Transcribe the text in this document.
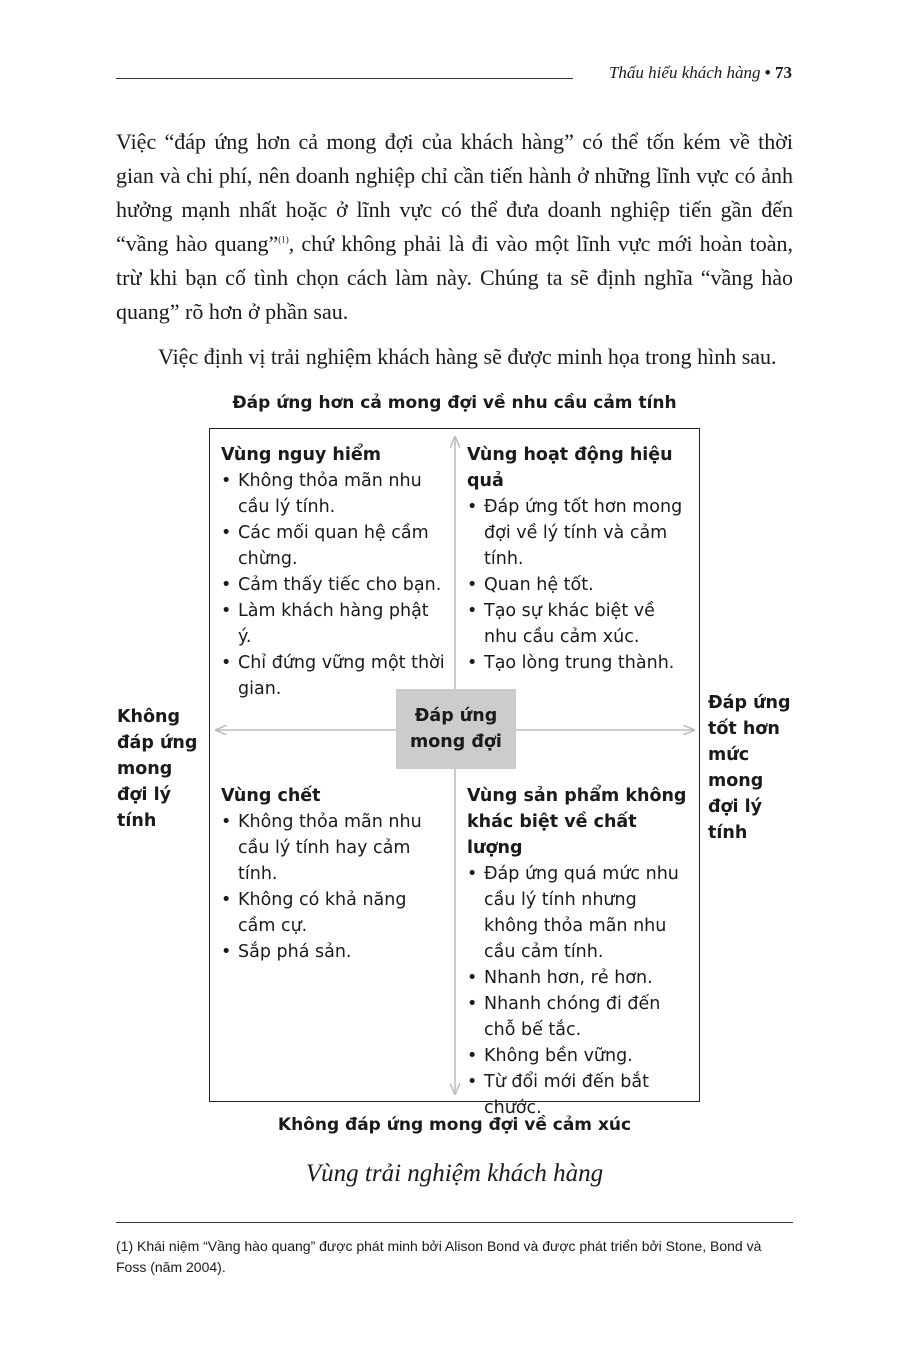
Thấu hiểu khách hàng • 73

Việc “đáp ứng hơn cả mong đợi của khách hàng” có thể tốn kém về thời gian và chi phí, nên doanh nghiệp chỉ cần tiến hành ở những lĩnh vực có ảnh hưởng mạnh nhất hoặc ở lĩnh vực có thể đưa doanh nghiệp tiến gần đến “vầng hào quang”$^{(1)}$, chứ không phải là đi vào một lĩnh vực mới hoàn toàn, trừ khi bạn cố tình chọn cách làm này. Chúng ta sẽ định nghĩa “vầng hào quang” rõ hơn ở phần sau.

Việc định vị trải nghiệm khách hàng sẽ được minh họa trong hình sau.

Đáp ứng hơn cả mong đợi về nhu cầu cảm tính

Vùng nguy hiểm

• Không thỏa mãn nhu cầu lý tính.
• Các mối quan hệ cầm chừng.
• Cảm thấy tiếc cho bạn.
• Làm khách hàng phật ý.
• Chỉ đứng vững một thời gian.

Vùng hoạt động hiệu quả

• Đáp ứng tốt hơn mong đợi về lý tính và cảm tính.
• Quan hệ tốt.
• Tạo sự khác biệt về nhu cầu cảm xúc.
• Tạo lòng trung thành.
Đáp ứng mong đợi
Không đáp ứng mong đợi lý tính
Đáp ứng tốt hơn mức mong đợi lý tính

Vùng chết

• Không thỏa mãn nhu cầu lý tính hay cảm tính.
• Không có khả năng cầm cự.
• Sắp phá sản.

Vùng sản phẩm không khác biệt về chất lượng

• Đáp ứng quá mức nhu cầu lý tính nhưng không thỏa mãn nhu cầu cảm tính.
• Nhanh hơn, rẻ hơn.
• Nhanh chóng đi đến chỗ bế tắc.
• Không bền vững.
• Từ đổi mới đến bắt chước.
Không đáp ứng mong đợi về cảm xúc
Vùng trải nghiệm khách hàng

(1) Khái niệm “Vầng hào quang” được phát minh bởi Alison Bond và được phát triển bởi Stone, Bond và Foss (năm 2004).
